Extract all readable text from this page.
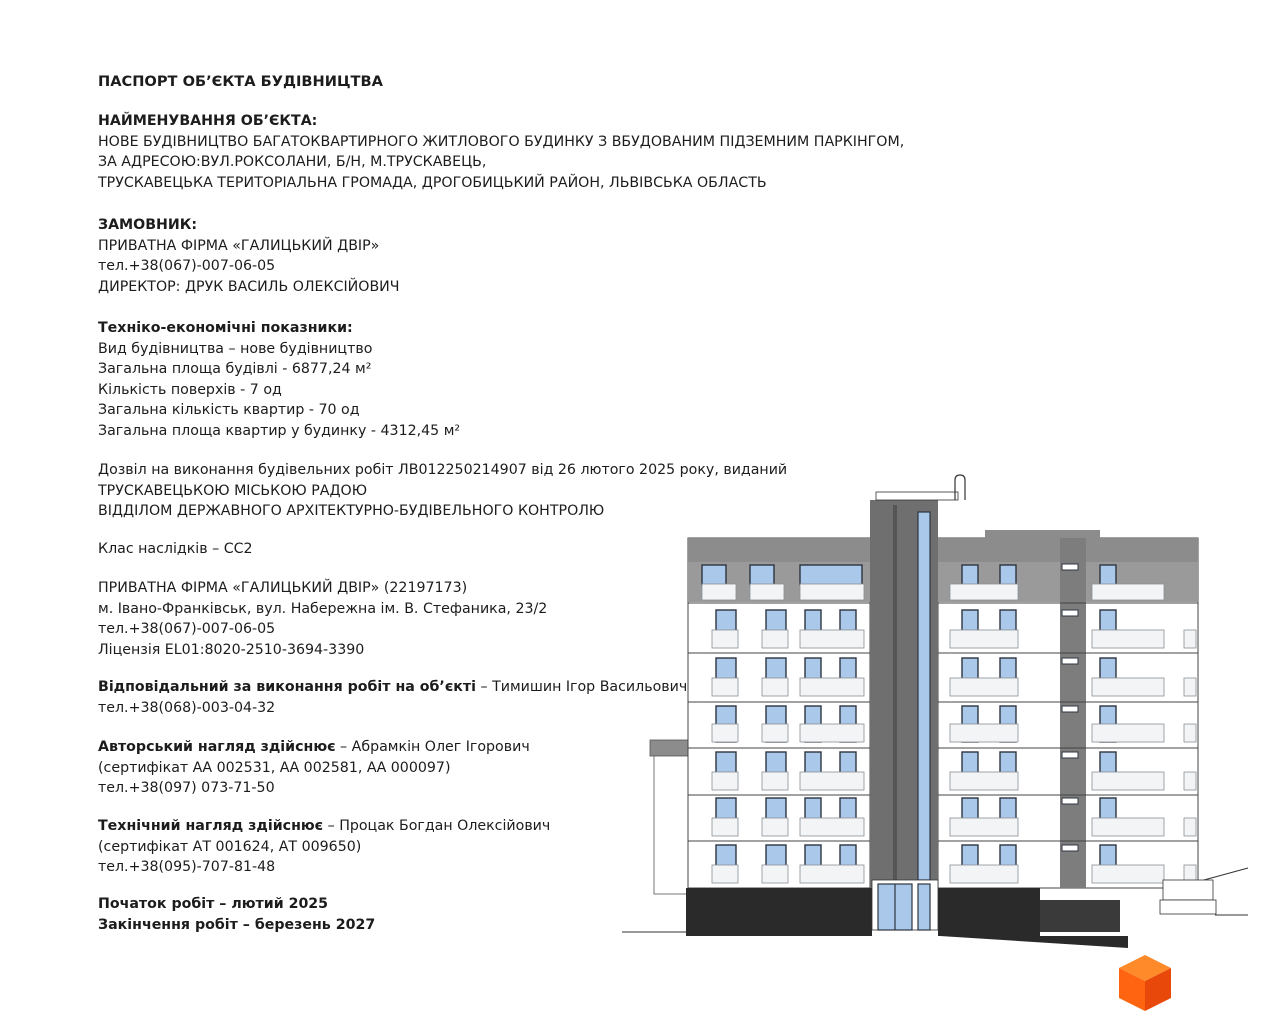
ПАСПОРТ ОБ’ЄКТА БУДІВНИЦТВА
НАЙМЕНУВАННЯ ОБ’ЄКТА:
НОВЕ БУДІВНИЦТВО БАГАТОКВАРТИРНОГО ЖИТЛОВОГО БУДИНКУ З ВБУДОВАНИМ ПІДЗЕМНИМ ПАРКІНГОМ,
ЗА АДРЕСОЮ:ВУЛ.РОКСОЛАНИ, Б/Н, М.ТРУСКАВЕЦЬ,
ТРУСКАВЕЦЬКА ТЕРИТОРІАЛЬНА ГРОМАДА, ДРОГОБИЦЬКИЙ РАЙОН, ЛЬВІВСЬКА ОБЛАСТЬ
ЗАМОВНИК:
ПРИВАТНА ФІРМА «ГАЛИЦЬКИЙ ДВІР»
тел.+38(067)-007-06-05
ДИРЕКТОР: ДРУК ВАСИЛЬ ОЛЕКСІЙОВИЧ
Техніко-економічні показники:
Вид будівництва – нове будівництво
Загальна площа будівлі - 6877,24 м²
Кількість поверхів - 7 од
Загальна кількість квартир - 70 од
Загальна площа квартир у будинку - 4312,45 м²
Дозвіл на виконання будівельних робіт ЛВ012250214907 від 26 лютого 2025 року, виданий
ТРУСКАВЕЦЬКОЮ МІСЬКОЮ РАДОЮ
ВІДДІЛОМ ДЕРЖАВНОГО АРХІТЕКТУРНО-БУДІВЕЛЬНОГО КОНТРОЛЮ
Клас наслідків – СС2
ПРИВАТНА ФІРМА «ГАЛИЦЬКИЙ ДВІР» (22197173)
м. Івано-Франківськ, вул. Набережна ім. В. Стефаника, 23/2
тел.+38(067)-007-06-05
Ліцензія EL01:8020-2510-3694-3390
Відповідальний за виконання робіт на об’єкті – Тимишин Ігор Васильович
тел.+38(068)-003-04-32
Авторський нагляд здійснює – Абрамкін Олег Ігорович
(сертифікат АА 002531, АА 002581, АА 000097)
тел.+38(097) 073-71-50
Технічний нагляд здійснює – Процак Богдан Олексійович
(сертифікат АТ 001624, АТ 009650)
тел.+38(095)-707-81-48
Початок робіт – лютий 2025
Закінчення робіт – березень 2027
